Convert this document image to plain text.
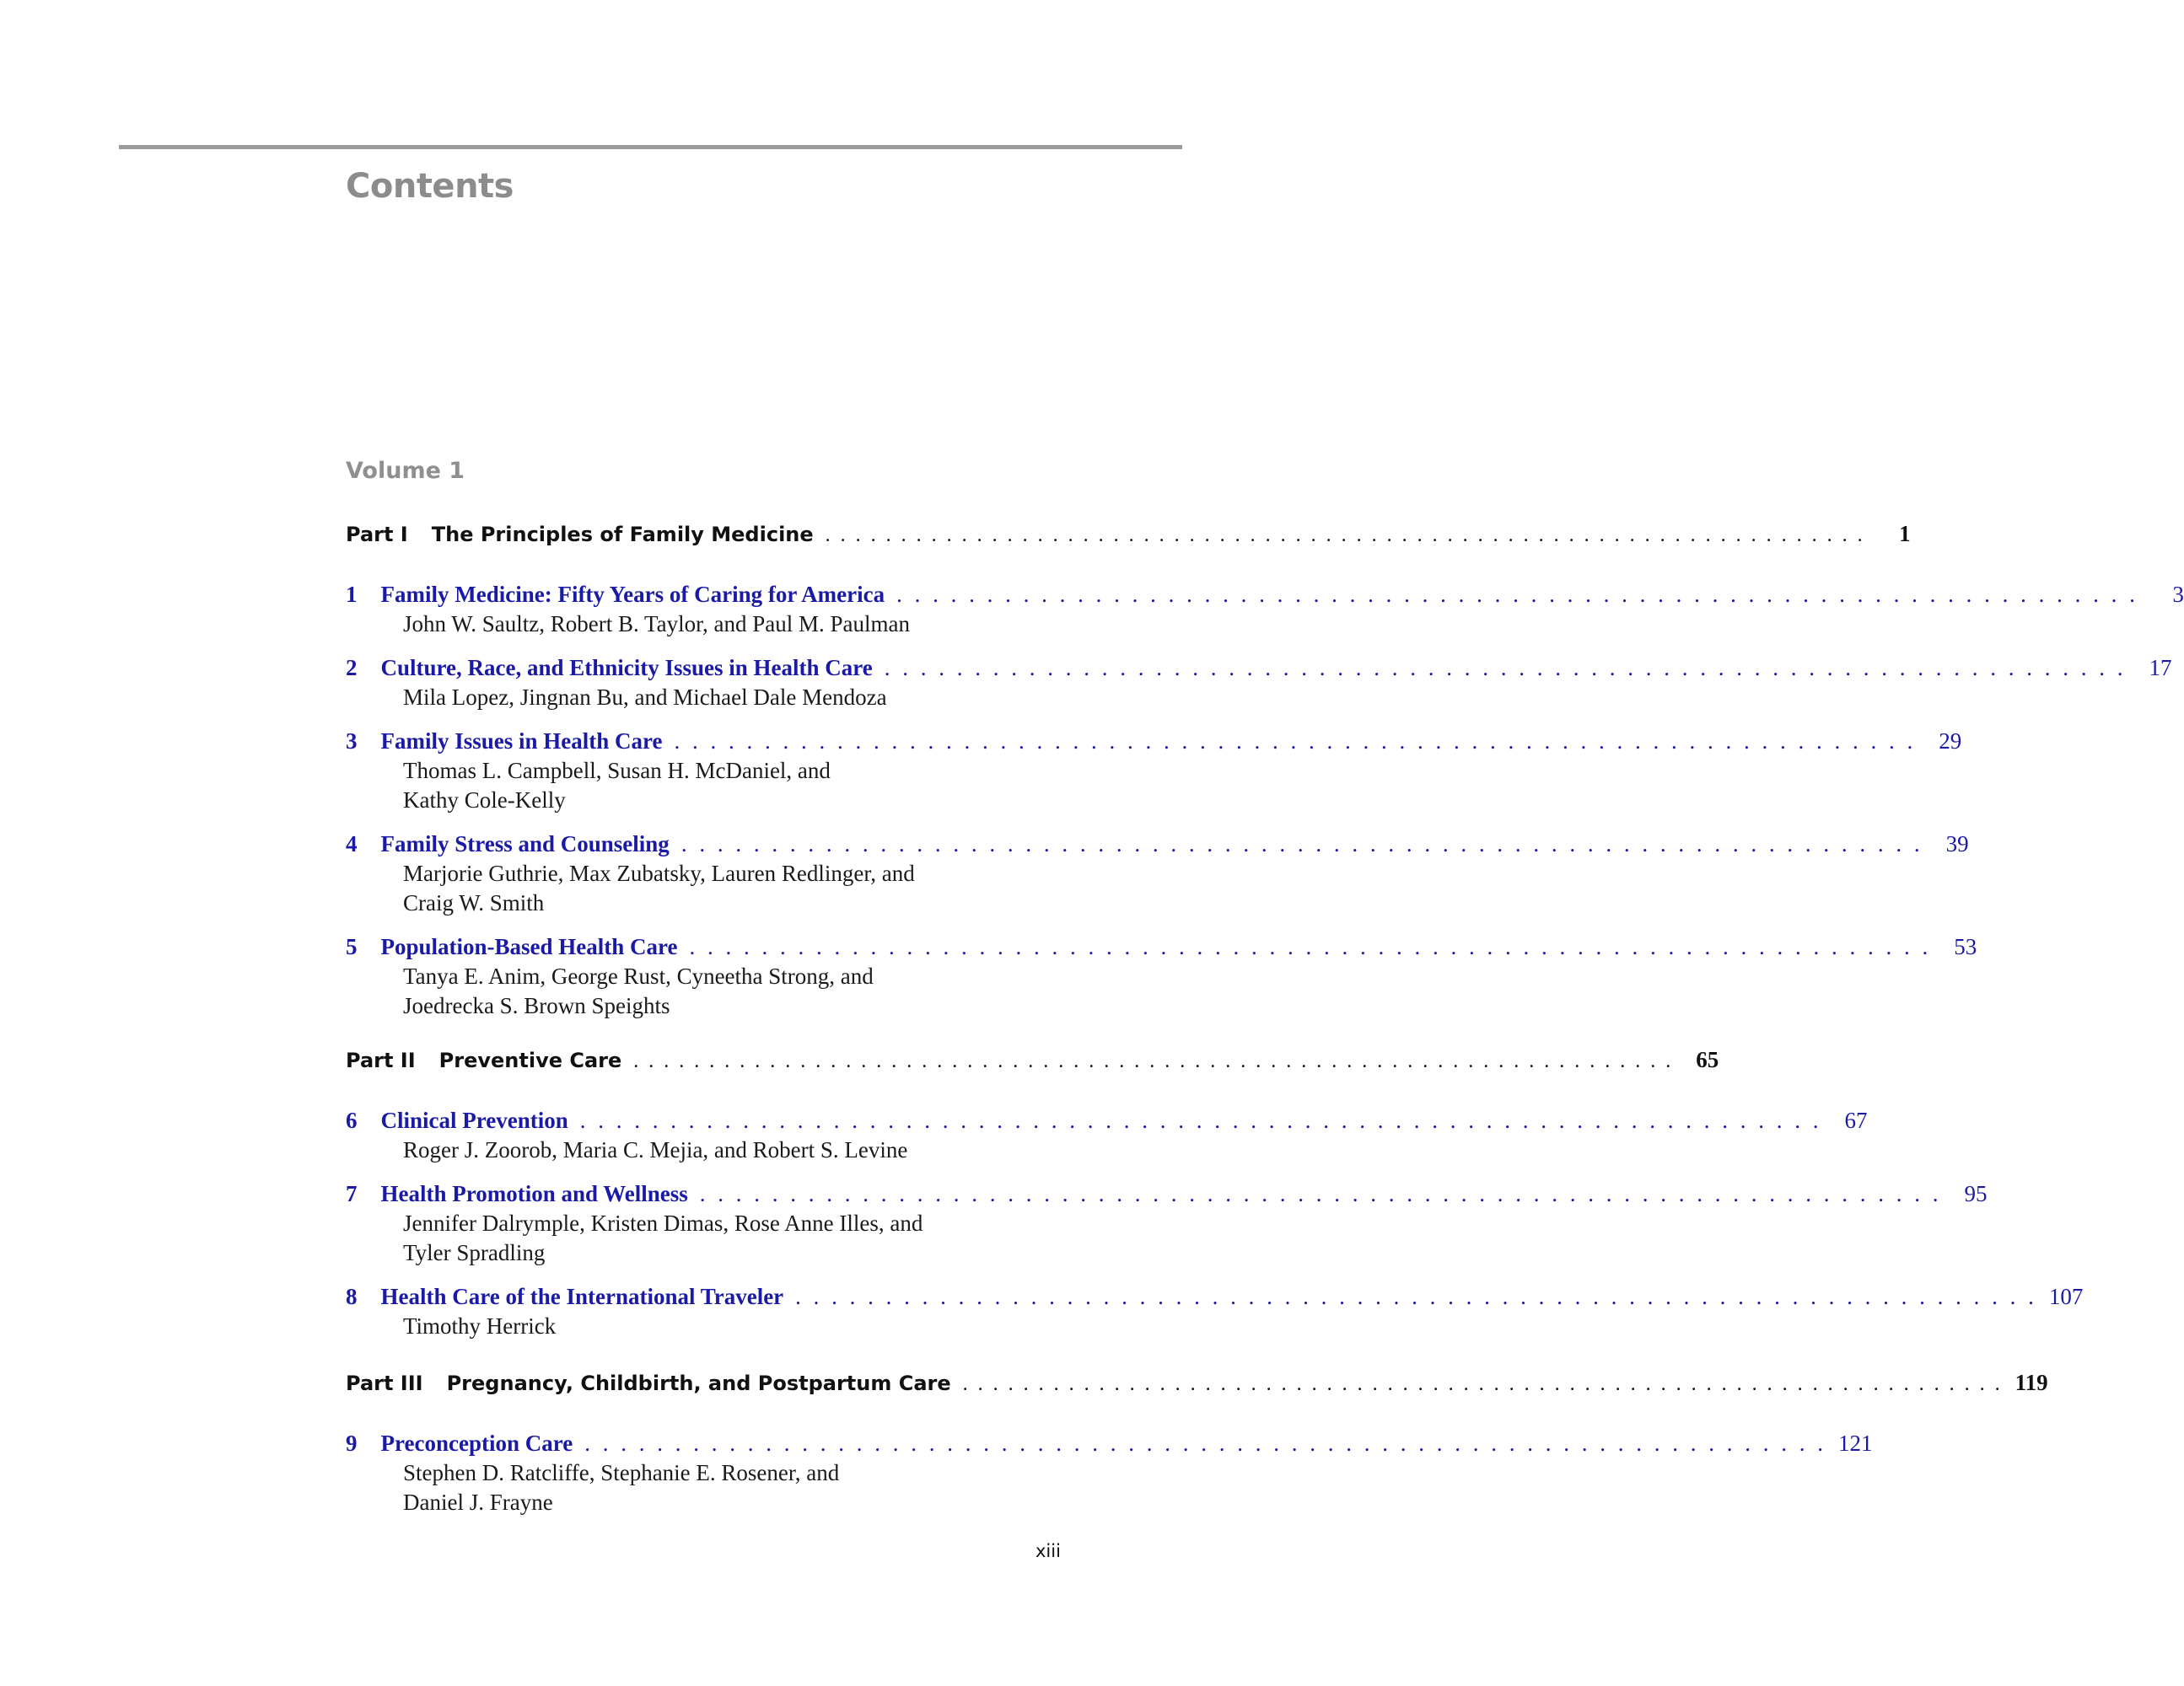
Contents
Volume 1
Part I The Principles of Family Medicine . . . . . . . . . . . . . . . . . . . . . . . . . . . . . . . . . . . . . . . . . . . . . . . . . . . . . . . . . . . . . . . . . . . . .	1
1 Family Medicine: Fifty Years of Caring for America . . . . . . . . . . . . . . . . . . . . . . . . . . . . . . . . . . . . . . . . . . . . . . . . . . . . . . . . . . . . . . . . . . . . .	3
John W. Saultz, Robert B. Taylor, and Paul M. Paulman
2 Culture, Race, and Ethnicity Issues in Health Care . . . . . . . . . . . . . . . . . . . . . . . . . . . . . . . . . . . . . . . . . . . . . . . . . . . . . . . . . . . . . . . . . . . . .	17
Mila Lopez, Jingnan Bu, and Michael Dale Mendoza
3 Family Issues in Health Care . . . . . . . . . . . . . . . . . . . . . . . . . . . . . . . . . . . . . . . . . . . . . . . . . . . . . . . . . . . . . . . . . . . . .	29
Thomas L. Campbell, Susan H. McDaniel, and
Kathy Cole-Kelly
4 Family Stress and Counseling . . . . . . . . . . . . . . . . . . . . . . . . . . . . . . . . . . . . . . . . . . . . . . . . . . . . . . . . . . . . . . . . . . . . .	39
Marjorie Guthrie, Max Zubatsky, Lauren Redlinger, and
Craig W. Smith
5 Population-Based Health Care . . . . . . . . . . . . . . . . . . . . . . . . . . . . . . . . . . . . . . . . . . . . . . . . . . . . . . . . . . . . . . . . . . . . .	53
Tanya E. Anim, George Rust, Cyneetha Strong, and
Joedrecka S. Brown Speights
Part II Preventive Care . . . . . . . . . . . . . . . . . . . . . . . . . . . . . . . . . . . . . . . . . . . . . . . . . . . . . . . . . . . . . . . . . . . . .	65
6 Clinical Prevention . . . . . . . . . . . . . . . . . . . . . . . . . . . . . . . . . . . . . . . . . . . . . . . . . . . . . . . . . . . . . . . . . . . . .	67
Roger J. Zoorob, Maria C. Mejia, and Robert S. Levine
7 Health Promotion and Wellness . . . . . . . . . . . . . . . . . . . . . . . . . . . . . . . . . . . . . . . . . . . . . . . . . . . . . . . . . . . . . . . . . . . . .	95
Jennifer Dalrymple, Kristen Dimas, Rose Anne Illes, and
Tyler Spradling
8 Health Care of the International Traveler . . . . . . . . . . . . . . . . . . . . . . . . . . . . . . . . . . . . . . . . . . . . . . . . . . . . . . . . . . . . . . . . . . . . . 107
Timothy Herrick
Part III Pregnancy, Childbirth, and Postpartum Care . . . . . . . . . . . . . . . . . . . . . . . . . . . . . . . . . . . . . . . . . . . . . . . . . . . . . . . . . . . . . . . . . . . . . 119
9 Preconception Care . . . . . . . . . . . . . . . . . . . . . . . . . . . . . . . . . . . . . . . . . . . . . . . . . . . . . . . . . . . . . . . . . . . . . 121
Stephen D. Ratcliffe, Stephanie E. Rosener, and
Daniel J. Frayne
xiii
